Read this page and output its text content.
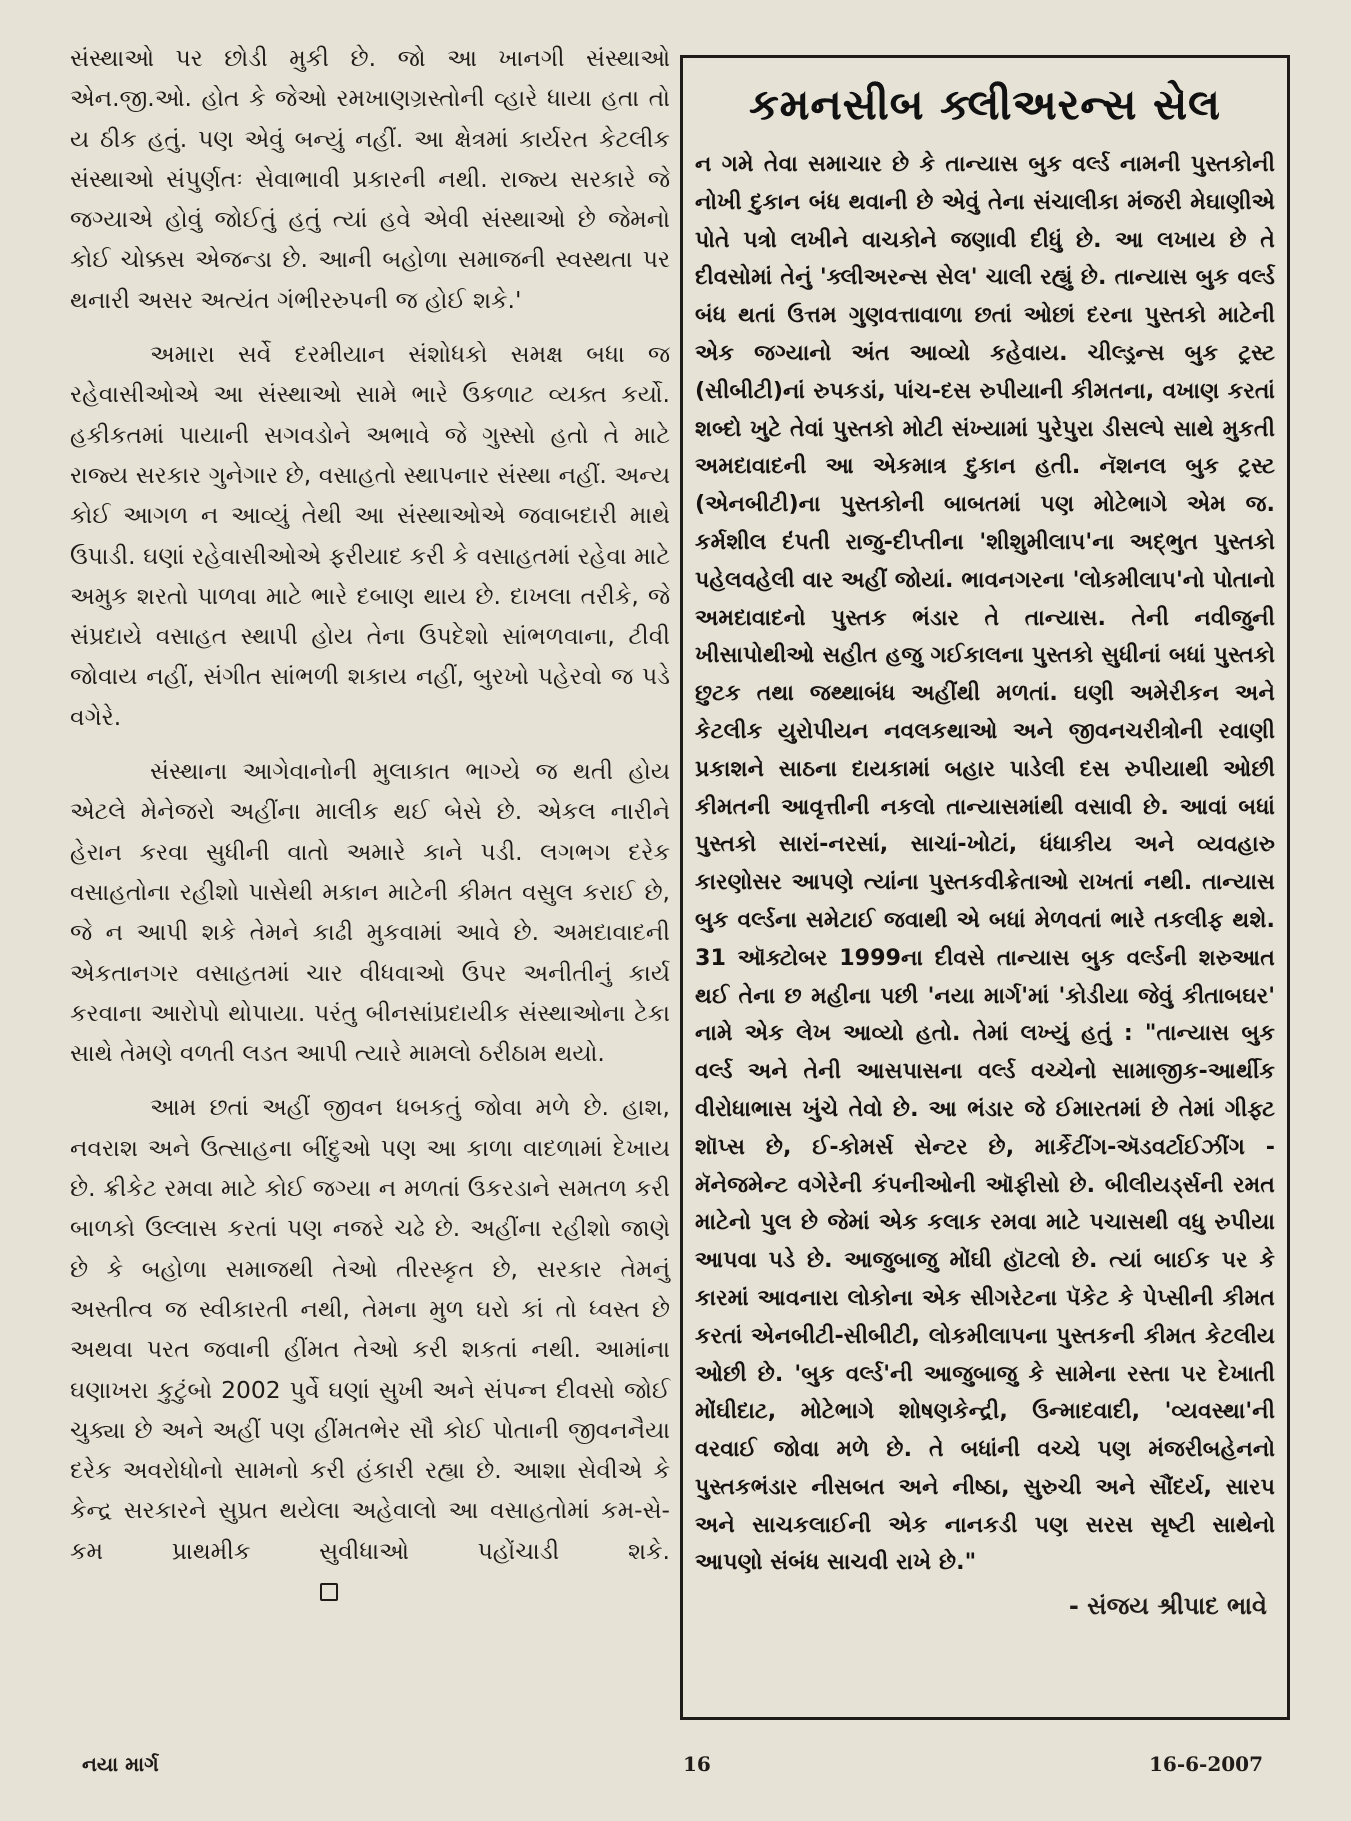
સંસ્થાઓ પર છોડી મુકી છે. જો આ ખાનગી સંસ્થાઓ એન.જી.ઓ. હોત કે જેઓ રમખાણગ્રસ્તોની વ્હારે ધાયા હતા તો ય ઠીક હતું. પણ એવું બન્યું નહીં. આ ક્ષેત્રમાં કાર્યરત કેટલીક સંસ્થાઓ સંપુર્ણતઃ સેવાભાવી પ્રકારની નથી. રાજ્ય સરકારે જે જગ્યાએ હોવું જોઈતું હતું ત્યાં હવે એવી સંસ્થાઓ છે જેમનો કોઈ ચોક્કસ એજન્ડા છે. આની બહોળા સમાજની સ્વસ્થતા પર થનારી અસર અત્યંત ગંભીરરુપની જ હોઈ શકે.'

અમારા સર્વે દરમીયાન સંશોધકો સમક્ષ બધા જ રહેવાસીઓએ આ સંસ્થાઓ સામે ભારે ઉકળાટ વ્યક્ત કર્યો. હકીકતમાં પાયાની સગવડોને અભાવે જે ગુસ્સો હતો તે માટે રાજ્ય સરકાર ગુનેગાર છે, વસાહતો સ્થાપનાર સંસ્થા નહીં. અન્ય કોઈ આગળ ન આવ્યું તેથી આ સંસ્થાઓએ જવાબદારી માથે ઉપાડી. ઘણાં રહેવાસીઓએ ફરીયાદ કરી કે વસાહતમાં રહેવા માટે અમુક શરતો પાળવા માટે ભારે દબાણ થાય છે. દાખલા તરીકે, જે સંપ્રદાયે વસાહત સ્થાપી હોય તેના ઉપદેશો સાંભળવાના, ટીવી જોવાય નહીં, સંગીત સાંભળી શકાય નહીં, બુરખો પહેરવો જ પડે વગેરે.

સંસ્થાના આગેવાનોની મુલાકાત ભાગ્યે જ થતી હોય એટલે મેનેજરો અહીંના માલીક થઈ બેસે છે. એકલ નારીને હેરાન કરવા સુધીની વાતો અમારે કાને પડી. લગભગ દરેક વસાહતોના રહીશો પાસેથી મકાન માટેની કીમત વસુલ કરાઈ છે, જે ન આપી શકે તેમને કાઢી મુકવામાં આવે છે. અમદાવાદની એકતાનગર વસાહતમાં ચાર વીધવાઓ ઉપર અનીતીનું કાર્ય કરવાના આરોપો થોપાયા. પરંતુ બીનસાંપ્રદાયીક સંસ્થાઓના ટેકા સાથે તેમણે વળતી લડત આપી ત્યારે મામલો ઠરીઠામ થયો.

આમ છતાં અહીં જીવન ધબકતું જોવા મળે છે. હાશ, નવરાશ અને ઉત્સાહના બીંદુઓ પણ આ કાળા વાદળામાં દેખાય છે. ક્રીકેટ રમવા માટે કોઈ જગ્યા ન મળતાં ઉકરડાને સમતળ કરી બાળકો ઉલ્લાસ કરતાં પણ નજરે ચઢે છે. અહીંના રહીશો જાણે છે કે બહોળા સમાજથી તેઓ તીરસ્કૃત છે, સરકાર તેમનું અસ્તીત્વ જ સ્વીકારતી નથી, તેમના મુળ ઘરો કાં તો ધ્વસ્ત છે અથવા પરત જવાની હીંમત તેઓ કરી શકતાં નથી. આમાંના ઘણાખરા કુટુંબો 2002 પુર્વે ઘણાં સુખી અને સંપન્ન દીવસો જોઈ ચુક્યા છે અને અહીં પણ હીંમતભેર સૌ કોઈ પોતાની જીવનનૈયા દરેક અવરોધોનો સામનો કરી હંકારી રહ્યા છે. આશા સેવીએ કે કેન્દ્ર સરકારને સુપ્રત થયેલા અહેવાલો આ વસાહતોમાં કમ-સે-કમ પ્રાથમીક સુવીધાઓ પહોંચાડી શકે.

કમનસીબ ક્લીઅરન્સ સેલ

ન ગમે તેવા સમાચાર છે કે તાન્યાસ બુક વર્લ્ડ નામની પુસ્તકોની નોખી દુકાન બંધ થવાની છે એવું તેના સંચાલીકા મંજરી મેઘાણીએ પોતે પત્રો લખીને વાચકોને જણાવી દીધું છે. આ લખાય છે તે દીવસોમાં તેનું 'ક્લીઅરન્સ સેલ' ચાલી રહ્યું છે. તાન્યાસ બુક વર્લ્ડ બંધ થતાં ઉત્તમ ગુણવત્તાવાળા છતાં ઓછાં દરના પુસ્તકો માટેની એક જગ્યાનો અંત આવ્યો કહેવાય. ચીલ્ડ્રન્સ બુક ટ્રસ્ટ (સીબીટી)નાં રુપકડાં, પાંચ-દસ રુપીયાની કીમતના, વખાણ કરતાં શબ્દો ખુટે તેવાં પુસ્તકો મોટી સંખ્યામાં પુરેપુરા ડીસલ્પે સાથે મુકતી અમદાવાદની આ એકમાત્ર દુકાન હતી. નૅશનલ બુક ટ્રસ્ટ (એનબીટી)ના પુસ્તકોની બાબતમાં પણ મોટેભાગે એમ જ. કર્મશીલ દંપતી રાજુ-દીપ્તીના 'શીશુમીલાપ'ના અદ્ભુત પુસ્તકો પહેલવહેલી વાર અહીં જોયાં. ભાવનગરના 'લોકમીલાપ'નો પોતાનો અમદાવાદનો પુસ્તક ભંડાર તે તાન્યાસ. તેની નવીજુની ખીસાપોથીઓ સહીત હજુ ગઈકાલના પુસ્તકો સુધીનાં બધાં પુસ્તકો છુટક તથા જથ્થાબંધ અહીંથી મળતાં. ઘણી અમેરીકન અને કેટલીક યુરોપીયન નવલકથાઓ અને જીવનચરીત્રોની રવાણી પ્રકાશને સાઠના દાયકામાં બહાર પાડેલી દસ રુપીયાથી ઓછી કીમતની આવૃત્તીની નકલો તાન્યાસમાંથી વસાવી છે. આવાં બધાં પુસ્તકો સારાં-નરસાં, સાચાં-ખોટાં, ધંધાકીય અને વ્યવહારુ કારણોસર આપણે ત્યાંના પુસ્તકવીક્રેતાઓ રાખતાં નથી. તાન્યાસ બુક વર્લ્ડના સમેટાઈ જવાથી એ બધાં મેળવતાં ભારે તકલીફ થશે. 31 ઑક્ટોબર 1999ના દીવસે તાન્યાસ બુક વર્લ્ડની શરુઆત થઈ તેના છ મહીના પછી 'નયા માર્ગ'માં 'કોડીયા જેવું કીતાબઘર' નામે એક લેખ આવ્યો હતો. તેમાં લખ્યું હતું : "તાન્યાસ બુક વર્લ્ડ અને તેની આસપાસના વર્લ્ડ વચ્ચેનો સામાજીક-આર્થીક વીરોધાભાસ ખુંચે તેવો છે. આ ભંડાર જે ઈમારતમાં છે તેમાં ગીફ્ટ શૉપ્સ છે, ઈ-કોમર્સ સેન્ટર છે, માર્કેટીંગ-ઍડવર્ટાઈઝીંગ - મૅનેજમેન્ટ વગેરેની કંપનીઓની ઑફીસો છે. બીલીયર્ડ્સની રમત માટેનો પુલ છે જેમાં એક કલાક રમવા માટે પચાસથી વધુ રુપીયા આપવા પડે છે. આજુબાજુ મોંઘી હૉટલો છે. ત્યાં બાઈક પર કે કારમાં આવનારા લોકોના એક સીગરેટના પૅકેટ કે પેપ્સીની કીમત કરતાં એનબીટી-સીબીટી, લોકમીલાપના પુસ્તકની કીમત કેટલીય ઓછી છે. 'બુક વર્લ્ડ'ની આજુબાજુ કે સામેના રસ્તા પર દેખાતી મોંઘીદાટ, મોટેભાગે શોષણકેન્દ્રી, ઉન્માદવાદી, 'વ્યવસ્થા'ની વરવાઈ જોવા મળે છે. તે બધાંની વચ્ચે પણ મંજરીબહેનનો પુસ્તકભંડાર નીસબત અને નીષ્ઠા, સુરુચી અને સૌંદર્ય, સારપ અને સાચકલાઈની એક નાનકડી પણ સરસ સૃષ્ટી સાથેનો આપણો સંબંધ સાચવી રાખે છે."

- સંજય શ્રીપાદ ભાવે
નયા માર્ગ	16	16-6-2007
